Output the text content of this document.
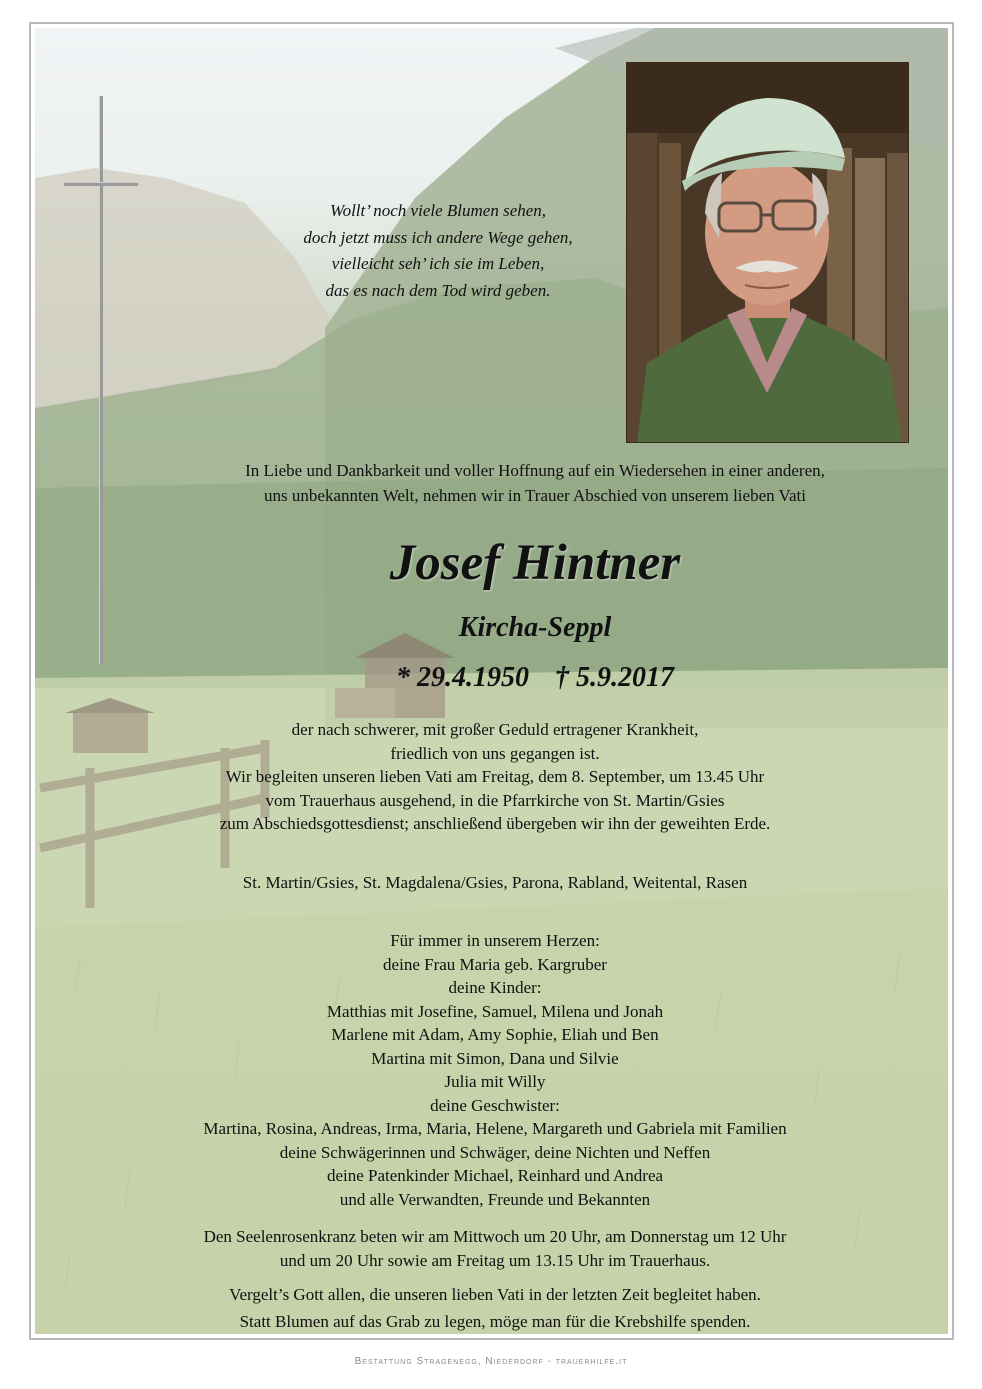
Wollt’ noch viele Blumen sehen,
doch jetzt muss ich andere Wege gehen,
vielleicht seh’ ich sie im Leben,
das es nach dem Tod wird geben.
In Liebe und Dankbarkeit und voller Hoffnung auf ein Wiedersehen in einer anderen,
uns unbekannten Welt, nehmen wir in Trauer Abschied von unserem lieben Vati
Josef Hintner
Kircha-Seppl
* 29.4.1950 † 5.9.2017
der nach schwerer, mit großer Geduld ertragener Krankheit,
friedlich von uns gegangen ist.
Wir begleiten unseren lieben Vati am Freitag, dem 8. September, um 13.45 Uhr
vom Trauerhaus ausgehend, in die Pfarrkirche von St. Martin/Gsies
zum Abschiedsgottesdienst; anschließend übergeben wir ihn der geweihten Erde.
St. Martin/Gsies, St. Magdalena/Gsies, Parona, Rabland, Weitental, Rasen
Für immer in unserem Herzen:
deine Frau Maria geb. Kargruber
deine Kinder:
Matthias mit Josefine, Samuel, Milena und Jonah
Marlene mit Adam, Amy Sophie, Eliah und Ben
Martina mit Simon, Dana und Silvie
Julia mit Willy
deine Geschwister:
Martina, Rosina, Andreas, Irma, Maria, Helene, Margareth und Gabriela mit Familien
deine Schwägerinnen und Schwäger, deine Nichten und Neffen
deine Patenkinder Michael, Reinhard und Andrea
und alle Verwandten, Freunde und Bekannten
Den Seelenrosenkranz beten wir am Mittwoch um 20 Uhr, am Donnerstag um 12 Uhr
und um 20 Uhr sowie am Freitag um 13.15 Uhr im Trauerhaus.
Vergelt’s Gott allen, die unseren lieben Vati in der letzten Zeit begleitet haben.
Statt Blumen auf das Grab zu legen, möge man für die Krebshilfe spenden.
Bestattung Stragenegg, Niederdorf - trauerhilfe.it
